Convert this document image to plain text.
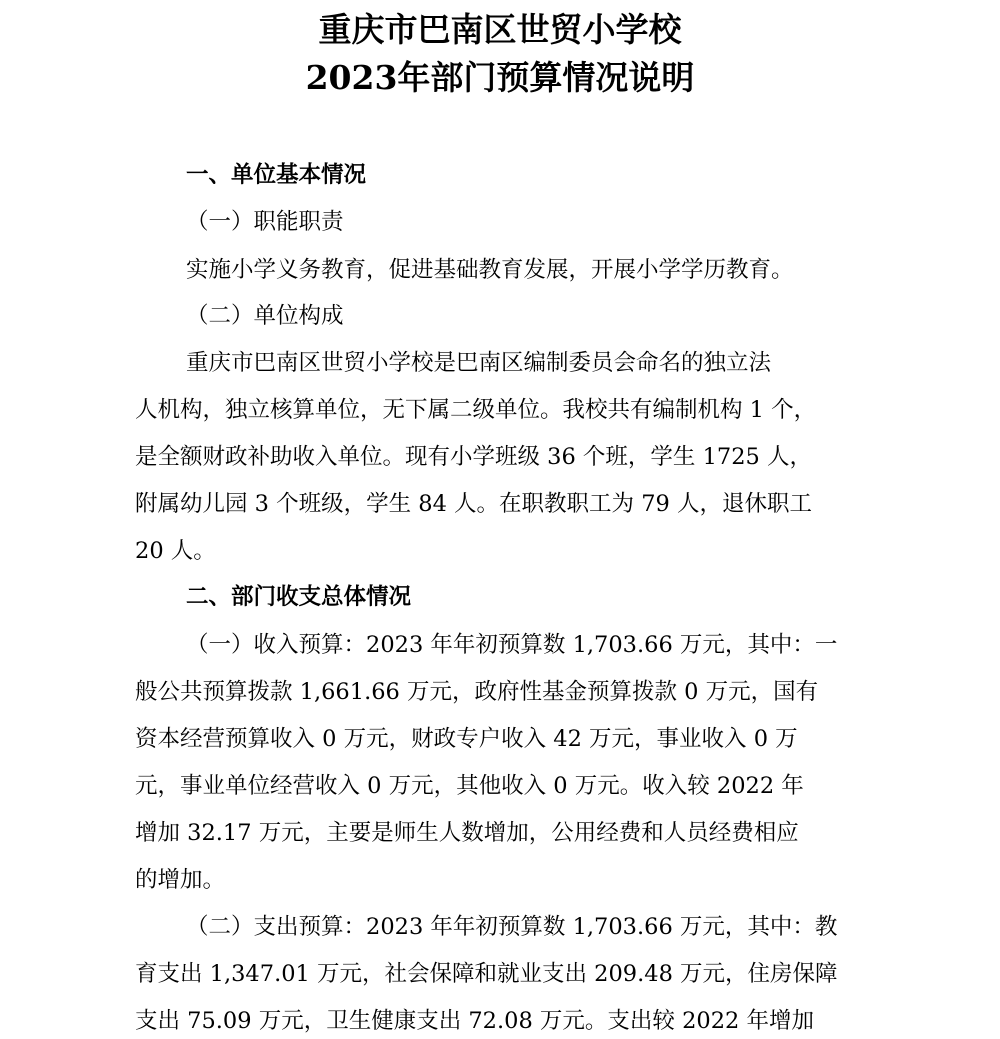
重庆市巴南区世贸小学校
2023年部门预算情况说明
一、单位基本情况
（一）职能职责
实施小学义务教育，促进基础教育发展，开展小学学历教育。
（二）单位构成
重庆市巴南区世贸小学校是巴南区编制委员会命名的独立法
人机构，独立核算单位，无下属二级单位。我校共有编制机构 1 个，
是全额财政补助收入单位。现有小学班级 36 个班，学生 1725 人，
附属幼儿园 3 个班级，学生 84 人。在职教职工为 79 人，退休职工
20 人。
二、部门收支总体情况
（一）收入预算：2023 年年初预算数 1,703.66 万元，其中：一
般公共预算拨款 1,661.66 万元，政府性基金预算拨款 0 万元，国有
资本经营预算收入 0 万元，财政专户收入 42 万元，事业收入 0 万
元，事业单位经营收入 0 万元，其他收入 0 万元。收入较 2022 年
增加 32.17 万元，主要是师生人数增加，公用经费和人员经费相应
的增加。
（二）支出预算：2023 年年初预算数 1,703.66 万元，其中：教
育支出 1,347.01 万元，社会保障和就业支出 209.48 万元，住房保障
支出 75.09 万元，卫生健康支出 72.08 万元。支出较 2022 年增加
